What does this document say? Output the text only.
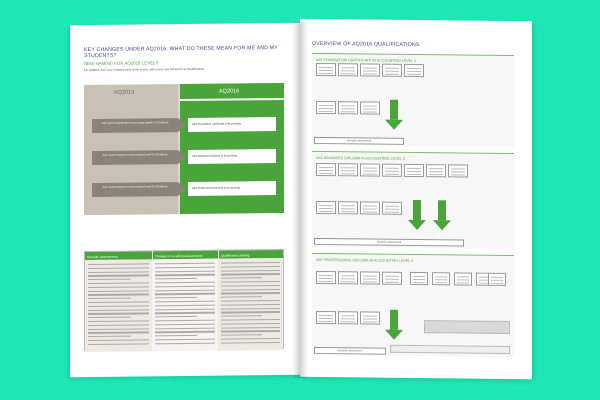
KEY CHANGES UNDER AQ2016: WHAT DO THESE MEAN FOR ME AND MY STUDENTS?
NEW NAMING FOR AQ2016 LEVELS
For AQ2016, AAT have renamed each of the Levels, with Levels now referred to as Qualifications.
AQ2013	AQ2016
AAT Level 2 Certificate in Accounting (Level 5 in Scotland)	AAT Foundation Certificate in Accounting
AAT Level 3 Diploma in Accounting (Level 6 in Scotland)	AAT Advanced Diploma in Accounting
AAT Level 4 Diploma in Accounting (Level 8 in Scotland)	AAT Professional Diploma in Accounting
Synoptic assessments	Changes to re-sitting assessments	Qualification grading
OVERVIEW OF AQ2016 QUALIFICATIONS
AAT FOUNDATION CERTIFICATE IN ACCOUNTING LEVEL 2
AAT ADVANCED DIPLOMA IN ACCOUNTING LEVEL 3
AAT PROFESSIONAL DIPLOMA IN ACCOUNTING LEVEL 4
Synoptic assessment
Synoptic assessment
Synoptic assessment
